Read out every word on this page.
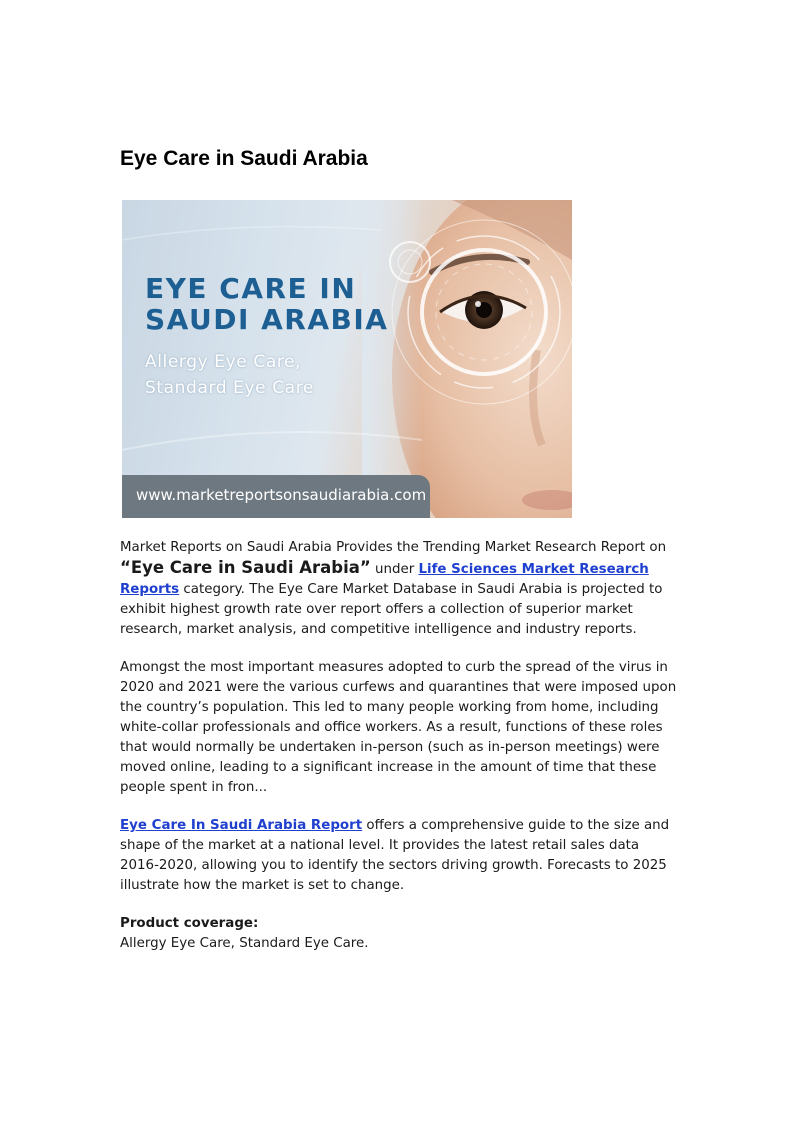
Eye Care in Saudi Arabia
EYE CARE IN
SAUDI ARABIA

Allergy Eye Care,
Standard Eye Care

www.marketreportsonsaudiarabia.com

Market Reports on Saudi Arabia Provides the Trending Market Research Report on “Eye Care in Saudi Arabia” under Life Sciences Market Research Reports category. The Eye Care Market Database in Saudi Arabia is projected to exhibit highest growth rate over report offers a collection of superior market research, market analysis, and competitive intelligence and industry reports.

Amongst the most important measures adopted to curb the spread of the virus in 2020 and 2021 were the various curfews and quarantines that were imposed upon the country’s population. This led to many people working from home, including white-collar professionals and office workers. As a result, functions of these roles that would normally be undertaken in-person (such as in-person meetings) were moved online, leading to a significant increase in the amount of time that these people spent in fron...

Eye Care In Saudi Arabia Report offers a comprehensive guide to the size and shape of the market at a national level. It provides the latest retail sales data 2016-2020, allowing you to identify the sectors driving growth. Forecasts to 2025 illustrate how the market is set to change.

Product coverage:
Allergy Eye Care, Standard Eye Care.
